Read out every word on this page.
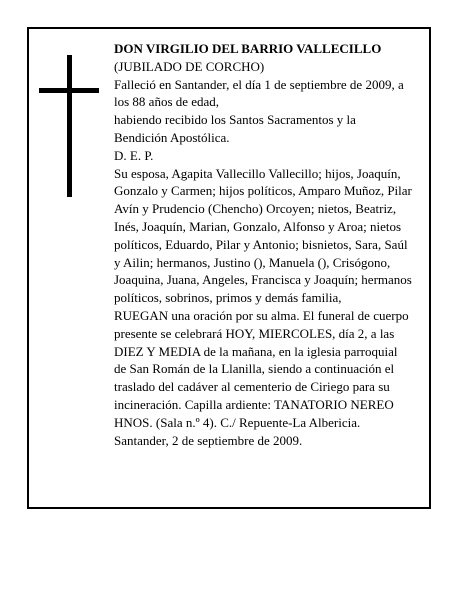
DON VIRGILIO DEL BARRIO VALLECILLO

(JUBILADO DE CORCHO)

Falleció en Santander, el día 1 de septiembre de 2009, a los 88 años de edad,

habiendo recibido los Santos Sacramentos y la Bendición Apostólica.

D. E. P.

Su esposa, Agapita Vallecillo Vallecillo; hijos, Joaquín, Gonzalo y Carmen; hijos políticos, Amparo Muñoz, Pilar Avín y Prudencio (Chencho) Orcoyen; nietos, Beatriz, Inés, Joaquín, Marian, Gonzalo, Alfonso y Aroa; nietos políticos, Eduardo, Pilar y Antonio; bisnietos, Sara, Saúl y Ailin; hermanos, Justino (), Manuela (), Crisógono, Joaquina, Juana, Angeles, Francisca y Joaquín; hermanos políticos, sobrinos, primos y demás familia,

RUEGAN una oración por su alma. El funeral de cuerpo presente se celebrará HOY, MIERCOLES, día 2, a las DIEZ Y MEDIA de la mañana, en la iglesia parroquial de San Román de la Llanilla, siendo a continuación el traslado del cadáver al cementerio de Ciriego para su incineración. Capilla ardiente: TANATORIO NEREO HNOS. (Sala n.º 4). C./ Repuente-La Albericia.

Santander, 2 de septiembre de 2009.
